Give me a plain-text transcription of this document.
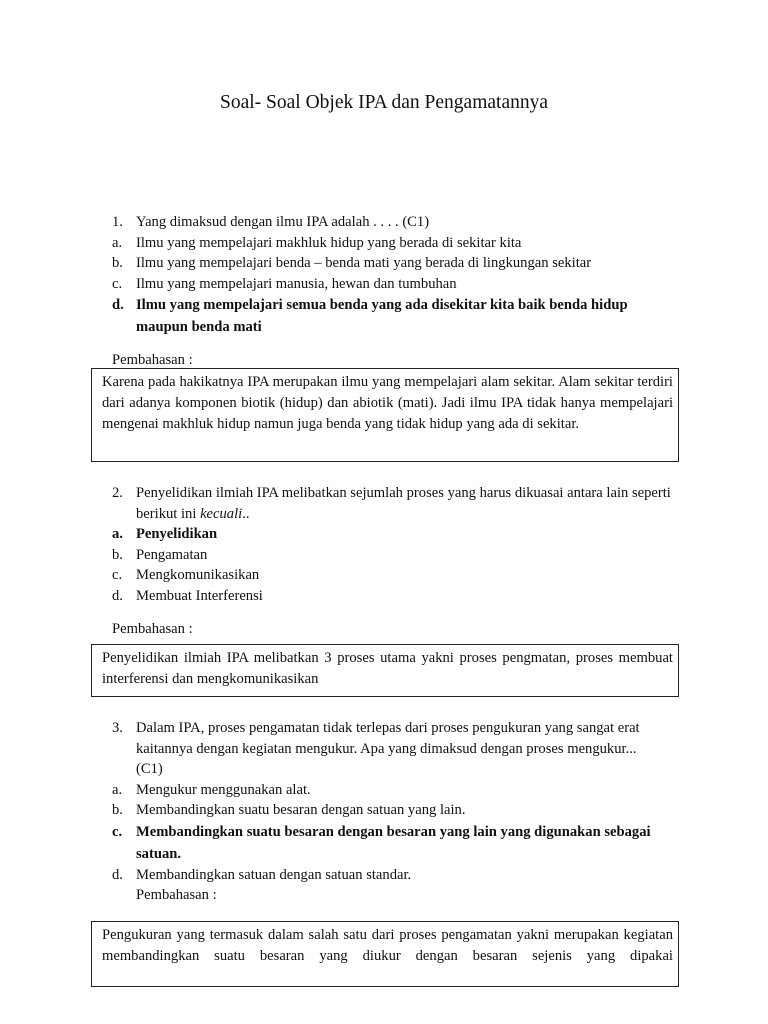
Soal- Soal Objek IPA dan Pengamatannya
1. Yang dimaksud dengan ilmu IPA adalah . . . . (C1)
a. Ilmu yang mempelajari makhluk hidup yang berada di sekitar kita
b. Ilmu yang mempelajari benda – benda mati yang berada di lingkungan sekitar
c. Ilmu yang mempelajari manusia, hewan dan tumbuhan
d. Ilmu yang mempelajari semua benda yang ada disekitar kita baik benda hidup maupun benda mati
Pembahasan :
Karena pada hakikatnya IPA merupakan ilmu yang mempelajari alam sekitar. Alam sekitar terdiri dari adanya komponen biotik (hidup) dan abiotik (mati). Jadi ilmu IPA tidak hanya mempelajari mengenai makhluk hidup namun juga benda yang tidak hidup yang ada di sekitar.
2. Penyelidikan ilmiah IPA melibatkan sejumlah proses yang harus dikuasai antara lain seperti berikut ini kecuali..
a. Penyelidikan
b. Pengamatan
c. Mengkomunikasikan
d. Membuat Interferensi
Pembahasan :
Penyelidikan ilmiah IPA melibatkan 3 proses utama yakni proses pengmatan, proses membuat interferensi dan mengkomunikasikan
3. Dalam IPA, proses pengamatan tidak terlepas dari proses pengukuran yang sangat erat kaitannya dengan kegiatan mengukur. Apa yang dimaksud dengan proses mengukur... (C1)
a. Mengukur menggunakan alat.
b. Membandingkan suatu besaran dengan satuan yang lain.
c. Membandingkan suatu besaran dengan besaran yang lain yang digunakan sebagai satuan.
d. Membandingkan satuan dengan satuan standar.
Pembahasan :
Pengukuran yang termasuk dalam salah satu dari proses pengamatan yakni merupakan kegiatan membandingkan suatu besaran yang diukur dengan besaran sejenis yang dipakai
